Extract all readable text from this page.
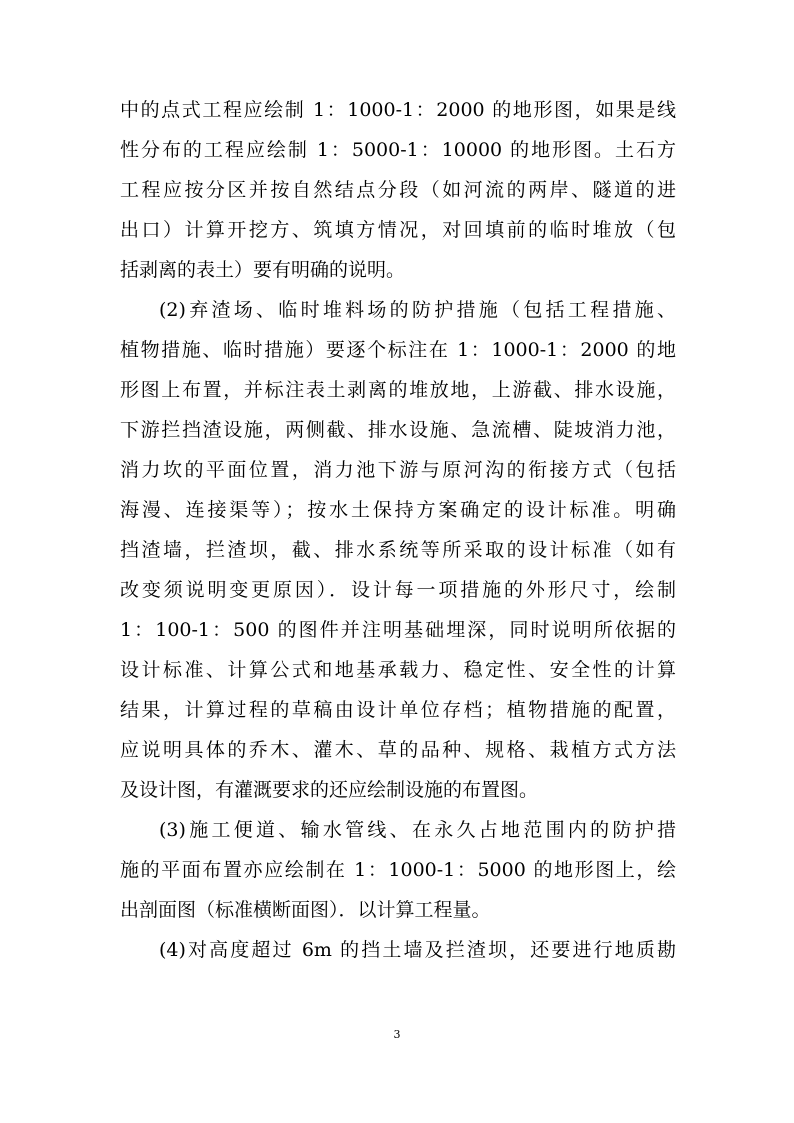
中的点式工程应绘制 1：1000-1：2000 的地形图，如果是线
性分布的工程应绘制 1：5000-1：10000 的地形图。土石方
工程应按分区并按自然结点分段（如河流的两岸、隧道的进
出口）计算开挖方、筑填方情况，对回填前的临时堆放（包
括剥离的表土）要有明确的说明。
(2)弃渣场、临时堆料场的防护措施（包括工程措施、
植物措施、临时措施）要逐个标注在 1：1000-1：2000 的地
形图上布置，并标注表土剥离的堆放地，上游截、排水设施，
下游拦挡渣设施，两侧截、排水设施、急流槽、陡坡消力池，
消力坎的平面位置，消力池下游与原河沟的衔接方式（包括
海漫、连接渠等）；按水土保持方案确定的设计标准。明确
挡渣墙，拦渣坝，截、排水系统等所采取的设计标准（如有
改变须说明变更原因）．设计每一项措施的外形尺寸，绘制
1：100-1：500 的图件并注明基础埋深，同时说明所依据的
设计标准、计算公式和地基承载力、稳定性、安全性的计算
结果，计算过程的草稿由设计单位存档；植物措施的配置，
应说明具体的乔木、灌木、草的品种、规格、栽植方式方法
及设计图，有灌溉要求的还应绘制设施的布置图。
(3)施工便道、输水管线、在永久占地范围内的防护措
施的平面布置亦应绘制在 1：1000-1：5000 的地形图上，绘
出剖面图（标准横断面图）．以计算工程量。
(4)对高度超过 6m 的挡土墙及拦渣坝，还要进行地质勘
3
